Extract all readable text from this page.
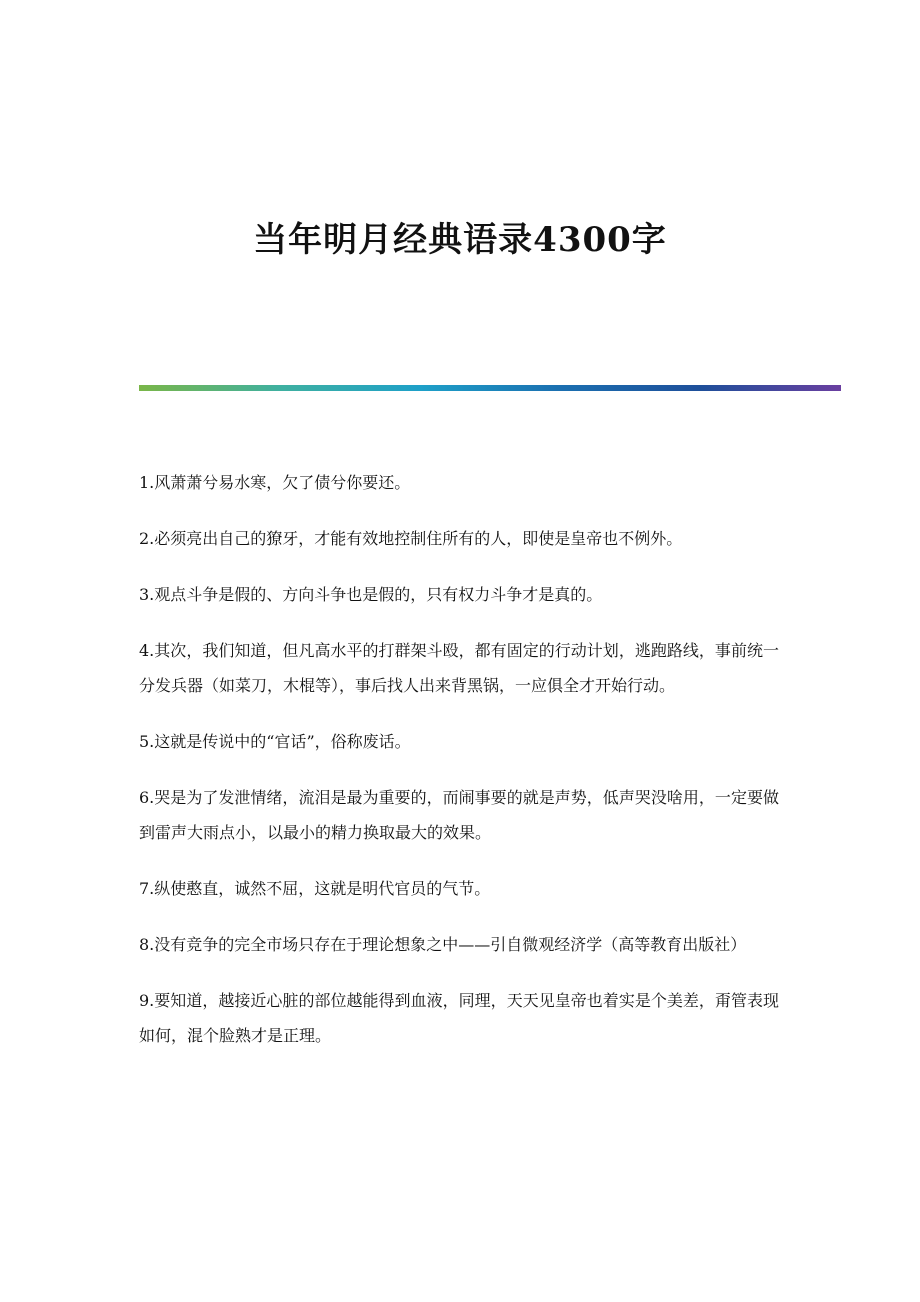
当年明月经典语录4300字

1.风萧萧兮易水寒，欠了债兮你要还。

2.必须亮出自己的獠牙，才能有效地控制住所有的人，即使是皇帝也不例外。

3.观点斗争是假的、方向斗争也是假的，只有权力斗争才是真的。

4.其次，我们知道，但凡高水平的打群架斗殴，都有固定的行动计划，逃跑路线，事前统一分发兵器（如菜刀，木棍等），事后找人出来背黑锅，一应俱全才开始行动。

5.这就是传说中的“官话”，俗称废话。

6.哭是为了发泄情绪，流泪是最为重要的，而闹事要的就是声势，低声哭没啥用，一定要做到雷声大雨点小，以最小的精力换取最大的效果。

7.纵使憨直，诚然不屈，这就是明代官员的气节。

8.没有竞争的完全市场只存在于理论想象之中——引自微观经济学（高等教育出版社）

9.要知道，越接近心脏的部位越能得到血液，同理，天天见皇帝也着实是个美差，甭管表现如何，混个脸熟才是正理。
